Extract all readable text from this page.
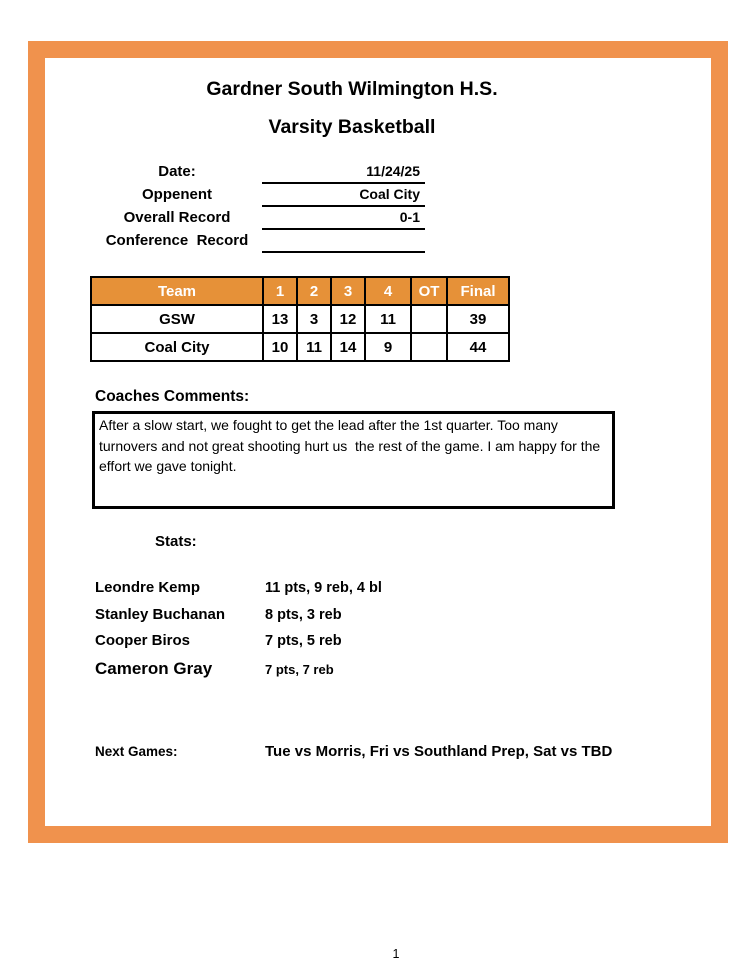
Gardner South Wilmington H.S.
Varsity Basketball
Date:	11/24/25
Oppenent	Coal City
Overall Record	0-1
Conference  Record
Team	1	2	3	4	OT	Final
GSW	13	3	12	11		39
Coal City	10	11	14	9		44
Coaches Comments:
After a slow start, we fought to get the lead after the 1st quarter. Too many turnovers and not great shooting hurt us  the rest of the game. I am happy for the effort we gave tonight.
Stats:
Leondre Kemp	11 pts, 9 reb, 4 bl
Stanley Buchanan	8 pts, 3 reb
Cooper Biros	7 pts, 5 reb
Cameron Gray	7 pts, 7 reb
Next Games:	Tue vs Morris, Fri vs Southland Prep, Sat vs TBD
1
